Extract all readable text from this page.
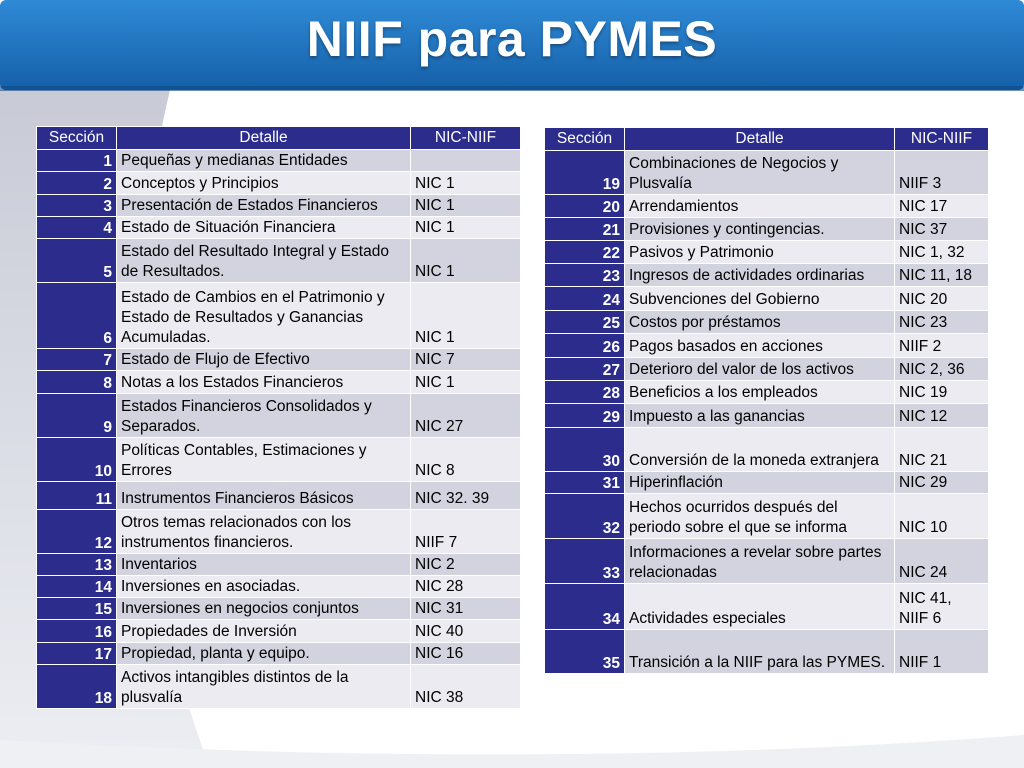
NIIF para PYMES
Sección	Detalle	NIC-NIIF
1	Pequeñas y medianas Entidades	
2	Conceptos y Principios	NIC 1
3	Presentación de Estados Financieros	NIC 1
4	Estado de Situación Financiera	NIC 1
5	Estado del Resultado Integral y Estado de Resultados.	NIC 1
6	Estado de Cambios en el Patrimonio y Estado de Resultados y Ganancias Acumuladas.	NIC 1
7	Estado de Flujo de Efectivo	NIC 7
8	Notas a los Estados Financieros	NIC 1
9	Estados Financieros Consolidados y Separados.	NIC 27
10	Políticas Contables, Estimaciones y Errores	NIC 8
11	Instrumentos Financieros Básicos	NIC 32. 39
12	Otros temas relacionados con los instrumentos financieros.	NIIF 7
13	Inventarios	NIC 2
14	Inversiones en asociadas.	NIC 28
15	Inversiones en negocios conjuntos	NIC 31
16	Propiedades de Inversión	NIC 40
17	Propiedad, planta y equipo.	NIC 16
18	Activos intangibles distintos de la plusvalía	NIC 38
Sección	Detalle	NIC-NIIF
19	Combinaciones de Negocios y Plusvalía	NIIF 3
20	Arrendamientos	NIC 17
21	Provisiones y contingencias.	NIC 37
22	Pasivos y Patrimonio	NIC 1, 32
23	Ingresos de actividades ordinarias	NIC 11, 18
24	Subvenciones del Gobierno	NIC 20
25	Costos por préstamos	NIC 23
26	Pagos basados en acciones	NIIF 2
27	Deterioro del valor de los activos	NIC 2, 36
28	Beneficios a los empleados	NIC 19
29	Impuesto a las ganancias	NIC 12
30	Conversión de la moneda extranjera	NIC 21
31	Hiperinflación	NIC 29
32	Hechos ocurridos después del periodo sobre el que se informa	NIC 10
33	Informaciones a revelar sobre partes relacionadas	NIC 24
34	Actividades especiales	NIC 41, NIIF 6
35	Transición a la NIIF para las PYMES.	NIIF 1
